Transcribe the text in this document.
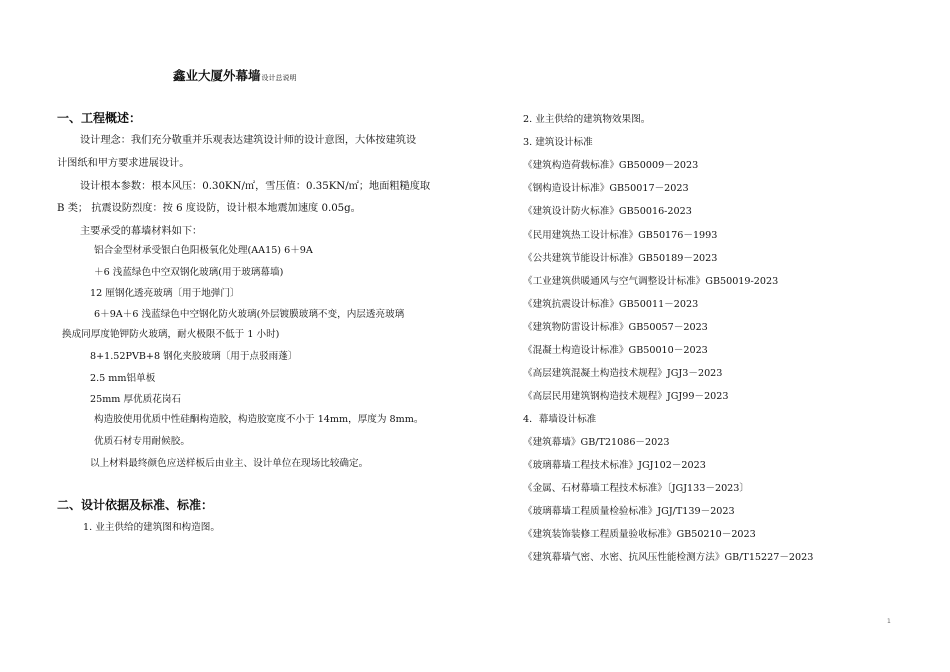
鑫业大厦外幕墙设计总说明
一、工程概述：
设计理念：我们充分敬重并乐观表达建筑设计师的设计意图，大体按建筑设
计图纸和甲方要求进展设计。
设计根本参数：根本风压：0.30KN/㎡，雪压值：0.35KN/㎡；地面粗糙度取
B 类； 抗震设防烈度：按 6 度设防，设计根本地震加速度 0.05g。
主要承受的幕墙材料如下：
铝合金型材承受银白色阳极氧化处理(AA15) 6＋9A
＋6 浅蓝绿色中空双钢化玻璃(用于玻璃幕墙)
12 厘钢化透亮玻璃〔用于地弹门〕
6＋9A＋6 浅蓝绿色中空钢化防火玻璃(外层镀膜玻璃不变，内层透亮玻璃
换成同厚度铯钾防火玻璃，耐火极限不低于 1 小时)
8+1.52PVB+8 钢化夹胶玻璃〔用于点驳雨蓬〕
2.5 mm铝单板
25mm 厚优质花岗石
构造胶使用优质中性硅酮构造胶，构造胶宽度不小于 14mm，厚度为 8mm。
优质石材专用耐候胶。
以上材料最终颜色应送样板后由业主、设计单位在现场比较确定。
二、设计依据及标准、标准：
1. 业主供给的建筑图和构造图。
2. 业主供给的建筑物效果图。
3. 建筑设计标准
《建筑构造荷载标准》GB50009－2023
《钢构造设计标准》GB50017－2023
《建筑设计防火标准》GB50016-2023
《民用建筑热工设计标准》GB50176－1993
《公共建筑节能设计标准》GB50189－2023
《工业建筑供暖通风与空气调整设计标准》GB50019-2023
《建筑抗震设计标准》GB50011－2023
《建筑物防雷设计标准》GB50057－2023
《混凝土构造设计标准》GB50010－2023
《高层建筑混凝土构造技术规程》JGJ3－2023
《高层民用建筑钢构造技术规程》JGJ99－2023
4．幕墙设计标准
《建筑幕墙》GB/T21086－2023
《玻璃幕墙工程技术标准》JGJ102－2023
《金属、石材幕墙工程技术标准》〔JGJ133－2023〕
《玻璃幕墙工程质量检验标准》JGJ/T139－2023
《建筑装饰装修工程质量验收标准》GB50210－2023
《建筑幕墙气密、水密、抗风压性能检测方法》GB/T15227－2023
1
